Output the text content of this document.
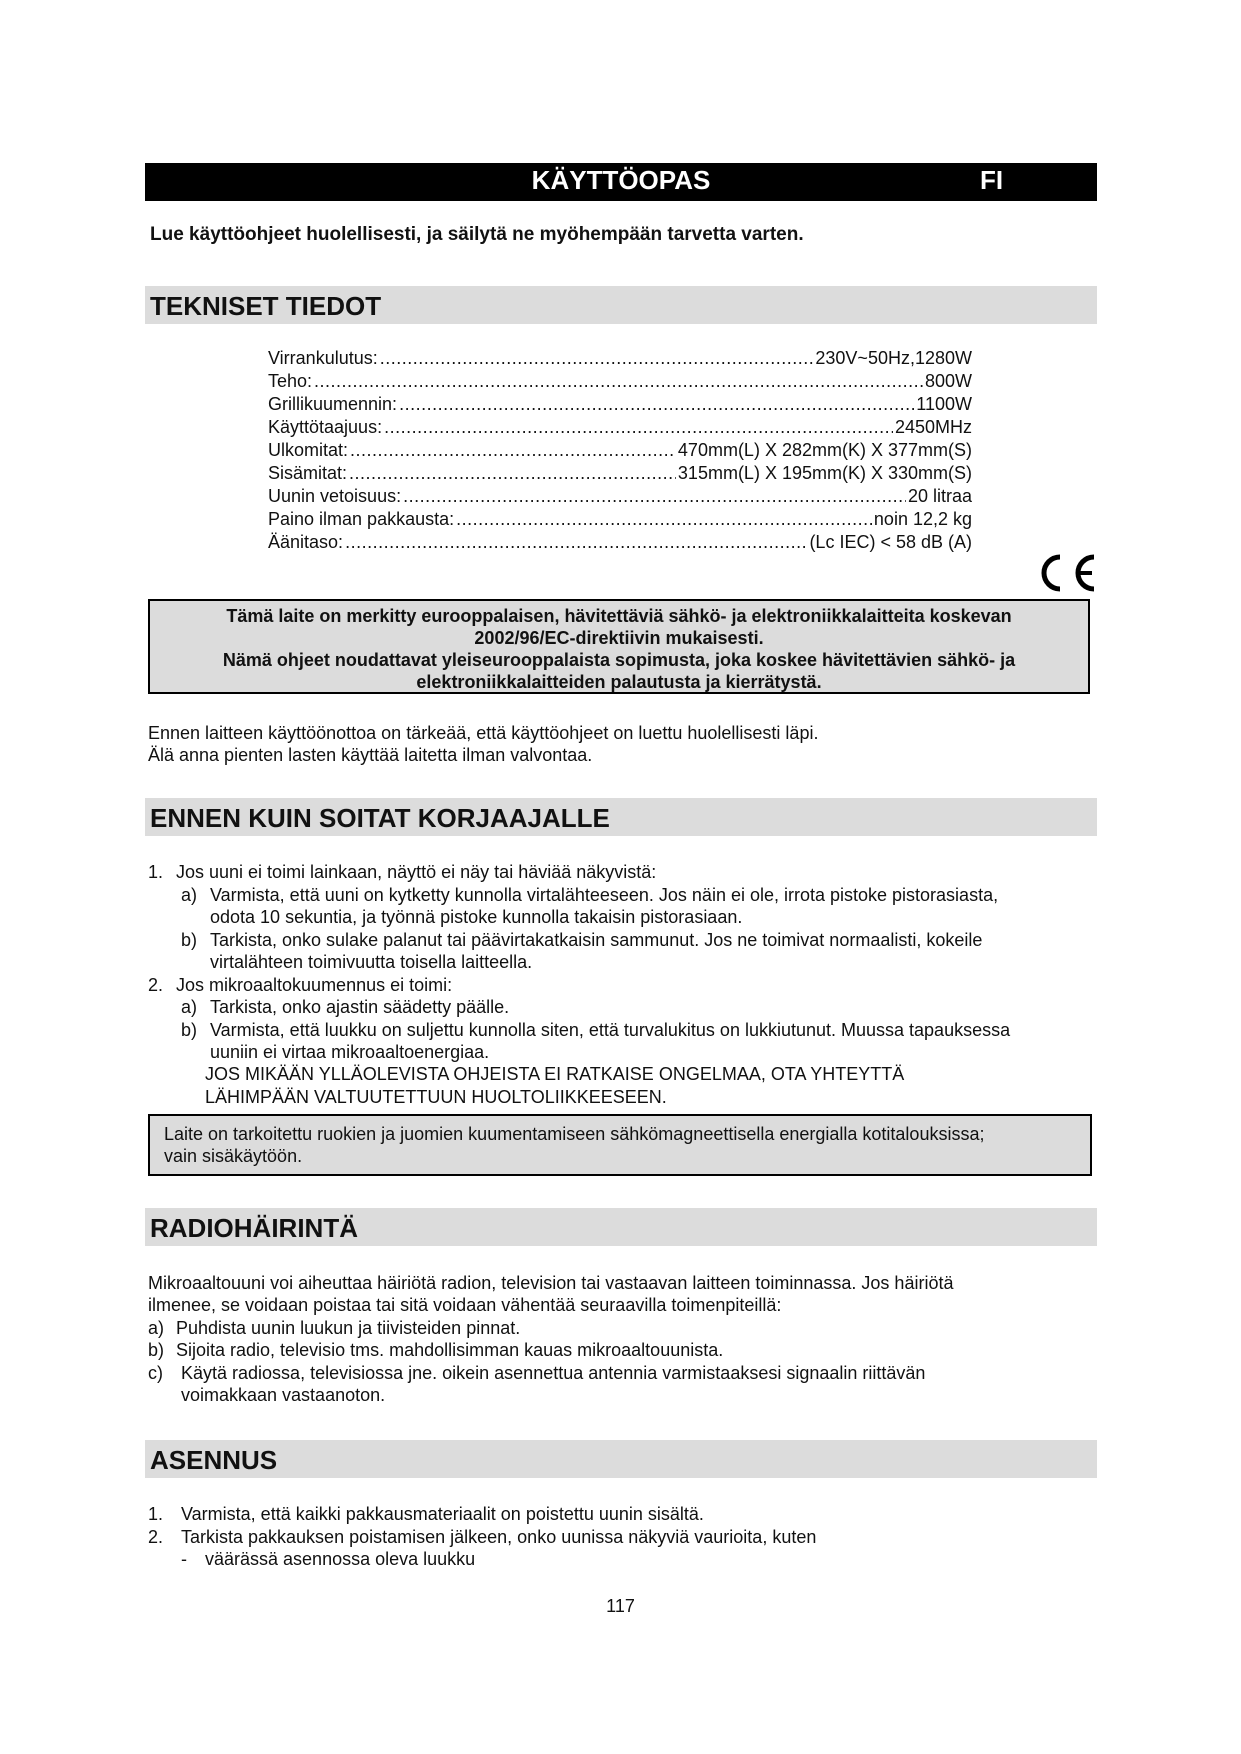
KÄYTTÖOPAS	FI
Lue käyttöohjeet huolellisesti, ja säilytä ne myöhempään tarvetta varten.
TEKNISET TIEDOT
Virrankulutus: .....	230V~50Hz,1280W
Teho: .....	800W
Grillikuumennin: .....	1100W
Käyttötaajuus: .....	2450MHz
Ulkomitat: .....	470mm(L) X 282mm(K) X 377mm(S)
Sisämitat: .....	315mm(L) X 195mm(K) X 330mm(S)
Uunin vetoisuus: .....	20 litraa
Paino ilman pakkausta: .....	noin 12,2 kg
Äänitaso: .....	(Lc IEC) < 58 dB (A)
Tämä laite on merkitty eurooppalaisen, hävitettäviä sähkö- ja elektroniikkalaitteita koskevan
2002/96/EC-direktiivin mukaisesti.
Nämä ohjeet noudattavat yleiseurooppalaista sopimusta, joka koskee hävitettävien sähkö- ja
elektroniikkalaitteiden palautusta ja kierrätystä.
Ennen laitteen käyttöönottoa on tärkeää, että käyttöohjeet on luettu huolellisesti läpi.
Älä anna pienten lasten käyttää laitetta ilman valvontaa.
ENNEN KUIN SOITAT KORJAAJALLE
1. Jos uuni ei toimi lainkaan, näyttö ei näy tai häviää näkyvistä:
a) Varmista, että uuni on kytketty kunnolla virtalähteeseen. Jos näin ei ole, irrota pistoke pistorasiasta,
odota 10 sekuntia, ja työnnä pistoke kunnolla takaisin pistorasiaan.
b) Tarkista, onko sulake palanut tai päävirtakatkaisin sammunut. Jos ne toimivat normaalisti, kokeile
virtalähteen toimivuutta toisella laitteella.
2. Jos mikroaaltokuumennus ei toimi:
a) Tarkista, onko ajastin säädetty päälle.
b) Varmista, että luukku on suljettu kunnolla siten, että turvalukitus on lukkiutunut. Muussa tapauksessa
uuniin ei virtaa mikroaaltoenergiaa.
JOS MIKÄÄN YLLÄOLEVISTA OHJEISTA EI RATKAISE ONGELMAA, OTA YHTEYTTÄ
LÄHIMPÄÄN VALTUUTETTUUN HUOLTOLIIKKEESEEN.
Laite on tarkoitettu ruokien ja juomien kuumentamiseen sähkömagneettisella energialla kotitalouksissa;
vain sisäkäytöön.
RADIOHÄIRINTÄ
Mikroaaltouuni voi aiheuttaa häiriötä radion, television tai vastaavan laitteen toiminnassa. Jos häiriötä
ilmenee, se voidaan poistaa tai sitä voidaan vähentää seuraavilla toimenpiteillä:
a) Puhdista uunin luukun ja tiivisteiden pinnat.
b) Sijoita radio, televisio tms. mahdollisimman kauas mikroaaltouunista.
c) Käytä radiossa, televisiossa jne. oikein asennettua antennia varmistaaksesi signaalin riittävän
voimakkaan vastaanoton.
ASENNUS
1. Varmista, että kaikki pakkausmateriaalit on poistettu uunin sisältä.
2. Tarkista pakkauksen poistamisen jälkeen, onko uunissa näkyviä vaurioita, kuten
- väärässä asennossa oleva luukku
117
